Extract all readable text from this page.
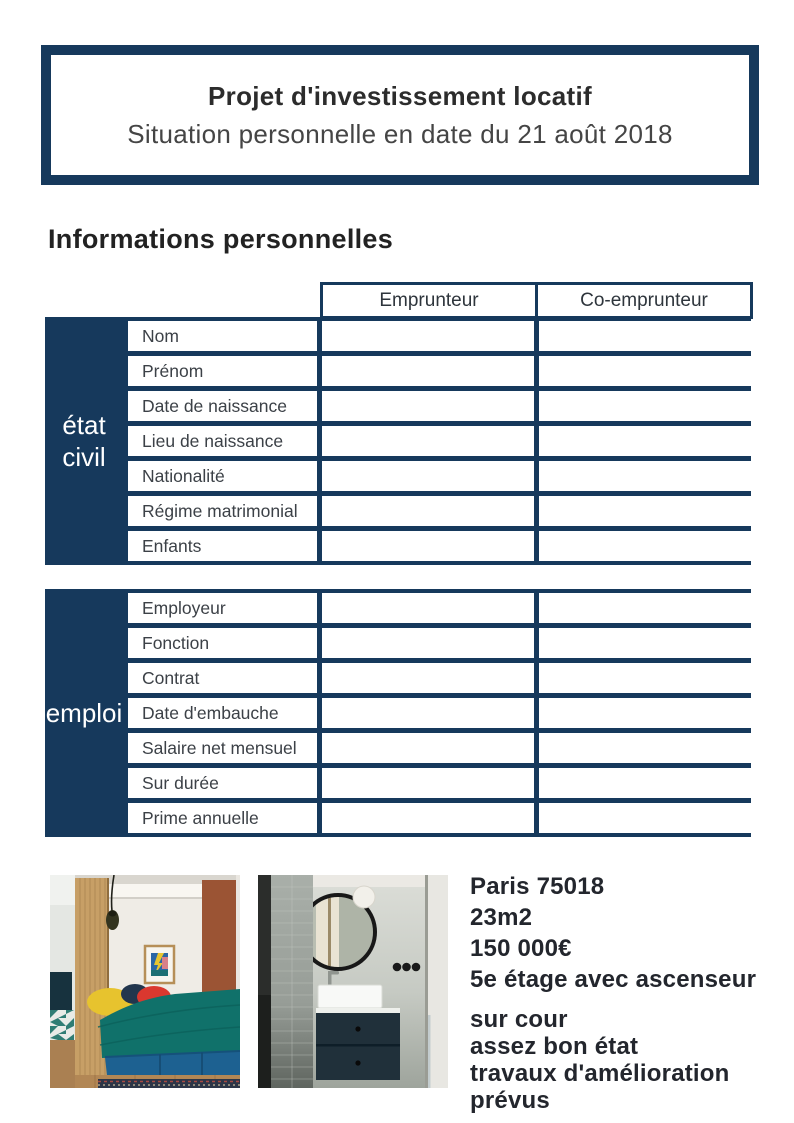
Projet d'investissement locatif
Situation personnelle en date du 21 août 2018
Informations personnelles
Emprunteur	Co-emprunteur
état civil
Nom
Prénom
Date de naissance
Lieu de naissance
Nationalité
Régime matrimonial
Enfants
emploi
Employeur
Fonction
Contrat
Date d'embauche
Salaire net mensuel
Sur durée
Prime annuelle
Paris 75018
23m2
150 000€
5e étage avec ascenseur
sur cour
assez bon état
travaux d'amélioration prévus
